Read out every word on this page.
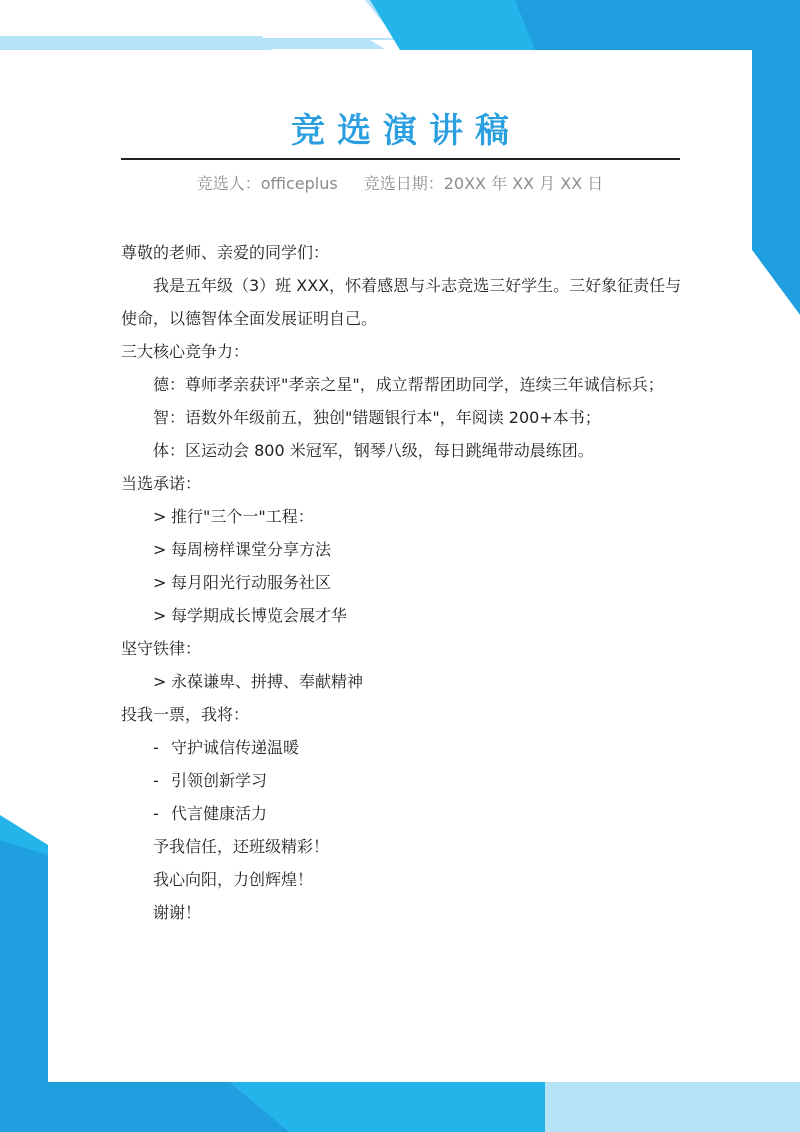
竞选演讲稿
竞选人：officeplus 竞选日期：20XX 年 XX 月 XX 日

尊敬的老师、亲爱的同学们：

我是五年级（3）班 XXX，怀着感恩与斗志竞选三好学生。三好象征责任与使命，以德智体全面发展证明自己。

三大核心竞争力：

德：尊师孝亲获评"孝亲之星"，成立帮帮团助同学，连续三年诚信标兵；

智：语数外年级前五，独创"错题银行本"，年阅读 200+本书；

体：区运动会 800 米冠军，钢琴八级，每日跳绳带动晨练团。

当选承诺：

> 推行"三个一"工程：

> 每周榜样课堂分享方法

> 每月阳光行动服务社区

> 每学期成长博览会展才华

坚守铁律：

> 永葆谦卑、拼搏、奉献精神

投我一票，我将：

- 守护诚信传递温暖

- 引领创新学习

- 代言健康活力

予我信任，还班级精彩！

我心向阳，力创辉煌！

谢谢！
